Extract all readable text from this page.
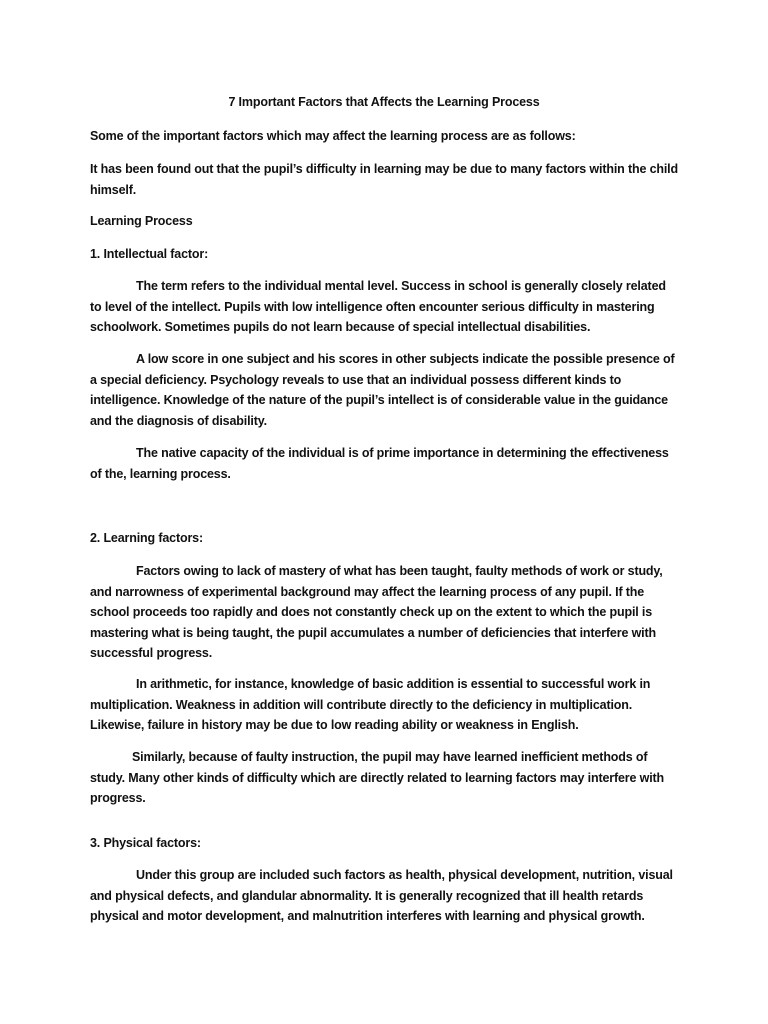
7 Important Factors that Affects the Learning Process

Some of the important factors which may affect the learning process are as follows:

It has been found out that the pupil’s difficulty in learning may be due to many factors within the child himself.

Learning Process

1. Intellectual factor:

The term refers to the individual mental level. Success in school is generally closely related to level of the intellect. Pupils with low intelligence often encounter serious difficulty in mastering schoolwork. Sometimes pupils do not learn because of special intellectual disabilities.

A low score in one subject and his scores in other subjects indicate the possible presence of a special deficiency. Psychology reveals to use that an individual possess different kinds to intelligence. Knowledge of the nature of the pupil’s intellect is of considerable value in the guidance and the diagnosis of disability.

The native capacity of the individual is of prime importance in determining the effectiveness of the, learning process.

2. Learning factors:

Factors owing to lack of mastery of what has been taught, faulty methods of work or study, and narrowness of experimental background may affect the learning process of any pupil. If the school proceeds too rapidly and does not constantly check up on the extent to which the pupil is mastering what is being taught, the pupil accumulates a number of deficiencies that interfere with successful progress.

In arithmetic, for instance, knowledge of basic addition is essential to successful work in multiplication. Weakness in addition will contribute directly to the deficiency in multiplication. Likewise, failure in history may be due to low reading ability or weakness in English.

Similarly, because of faulty instruction, the pupil may have learned inefficient methods of study. Many other kinds of difficulty which are directly related to learning factors may interfere with progress.

3. Physical factors:

Under this group are included such factors as health, physical development, nutrition, visual and physical defects, and glandular abnormality. It is generally recognized that ill health retards physical and motor development, and malnutrition interferes with learning and physical growth.
